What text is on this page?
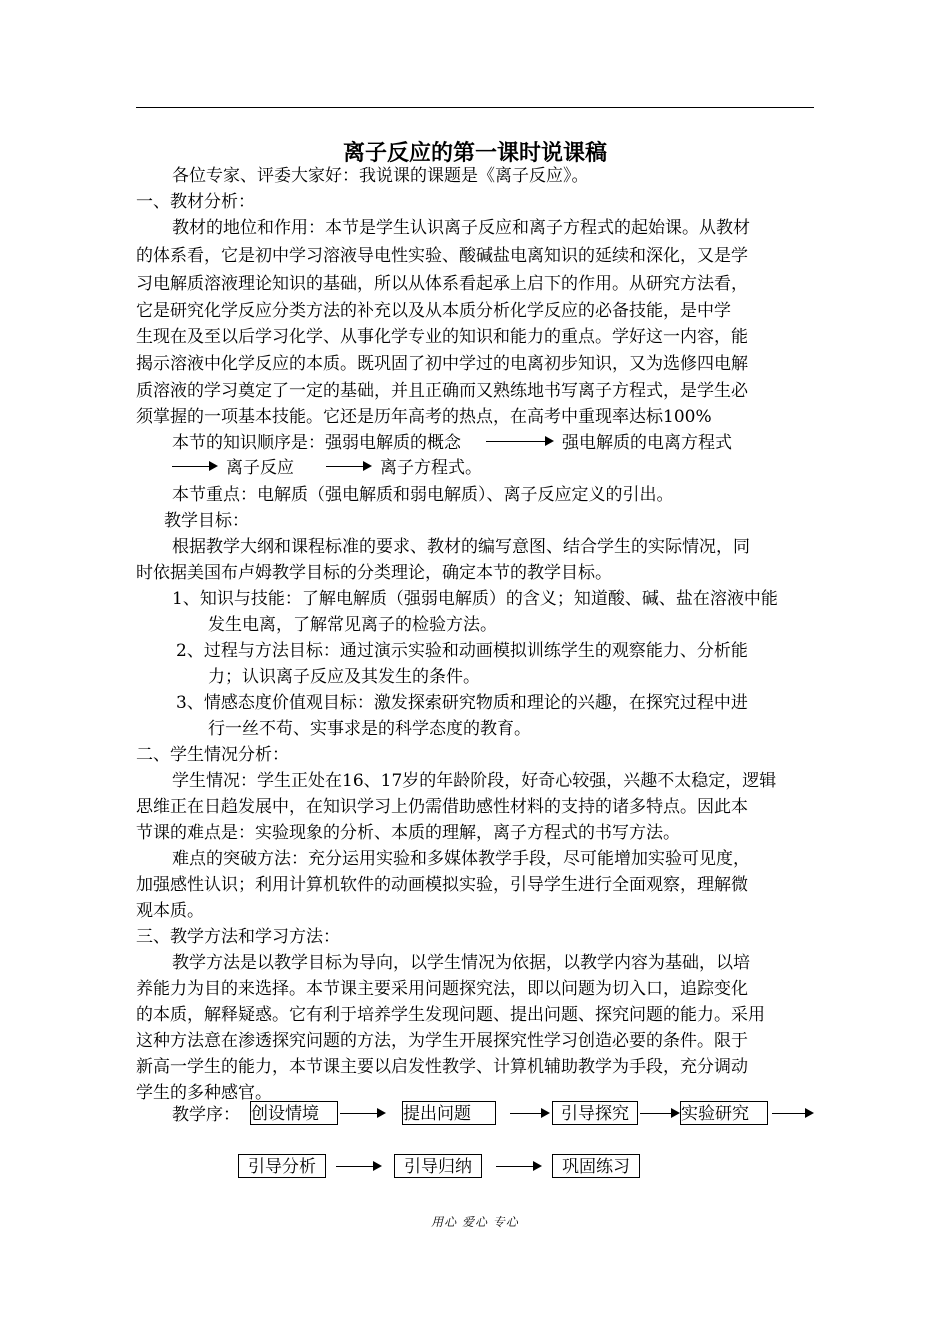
离子反应的第一课时说课稿
各位专家、评委大家好：我说课的课题是《离子反应》。
一、教材分析：
教材的地位和作用：本节是学生认识离子反应和离子方程式的起始课。从教材
的体系看，它是初中学习溶液导电性实验、酸碱盐电离知识的延续和深化，又是学
习电解质溶液理论知识的基础，所以从体系看起承上启下的作用。从研究方法看，
它是研究化学反应分类方法的补充以及从本质分析化学反应的必备技能，是中学
生现在及至以后学习化学、从事化学专业的知识和能力的重点。学好这一内容，能
揭示溶液中化学反应的本质。既巩固了初中学过的电离初步知识，又为选修四电解
质溶液的学习奠定了一定的基础，并且正确而又熟练地书写离子方程式，是学生必
须掌握的一项基本技能。它还是历年高考的热点，在高考中重现率达标100%
本节的知识顺序是：强弱电解质的概念	强电解质的电离方程式
离子反应	离子方程式。
本节重点：电解质（强电解质和弱电解质）、离子反应定义的引出。
教学目标：
根据教学大纲和课程标准的要求、教材的编写意图、结合学生的实际情况，同
时依据美国布卢姆教学目标的分类理论，确定本节的教学目标。
1、知识与技能：了解电解质（强弱电解质）的含义；知道酸、碱、盐在溶液中能
发生电离，了解常见离子的检验方法。
2、过程与方法目标：通过演示实验和动画模拟训练学生的观察能力、分析能
力；认识离子反应及其发生的条件。
3、情感态度价值观目标：激发探索研究物质和理论的兴趣，在探究过程中进
行一丝不苟、实事求是的科学态度的教育。
二、学生情况分析：
学生情况：学生正处在16、17岁的年龄阶段，好奇心较强，兴趣不太稳定，逻辑
思维正在日趋发展中，在知识学习上仍需借助感性材料的支持的诸多特点。因此本
节课的难点是：实验现象的分析、本质的理解，离子方程式的书写方法。
难点的突破方法：充分运用实验和多媒体教学手段，尽可能增加实验可见度，
加强感性认识；利用计算机软件的动画模拟实验，引导学生进行全面观察，理解微
观本质。
三、教学方法和学习方法：
教学方法是以教学目标为导向，以学生情况为依据，以教学内容为基础，以培
养能力为目的来选择。本节课主要采用问题探究法，即以问题为切入口，追踪变化
的本质，解释疑惑。它有利于培养学生发现问题、提出问题、探究问题的能力。采用
这种方法意在渗透探究问题的方法，为学生开展探究性学习创造必要的条件。限于
新高一学生的能力，本节课主要以启发性教学、计算机辅助教学为手段，充分调动
学生的多种感官。
教学序： 创设情境	提出问题	引导探究	实验研究
引导分析	引导归纳	巩固练习
用心 爱心 专心
